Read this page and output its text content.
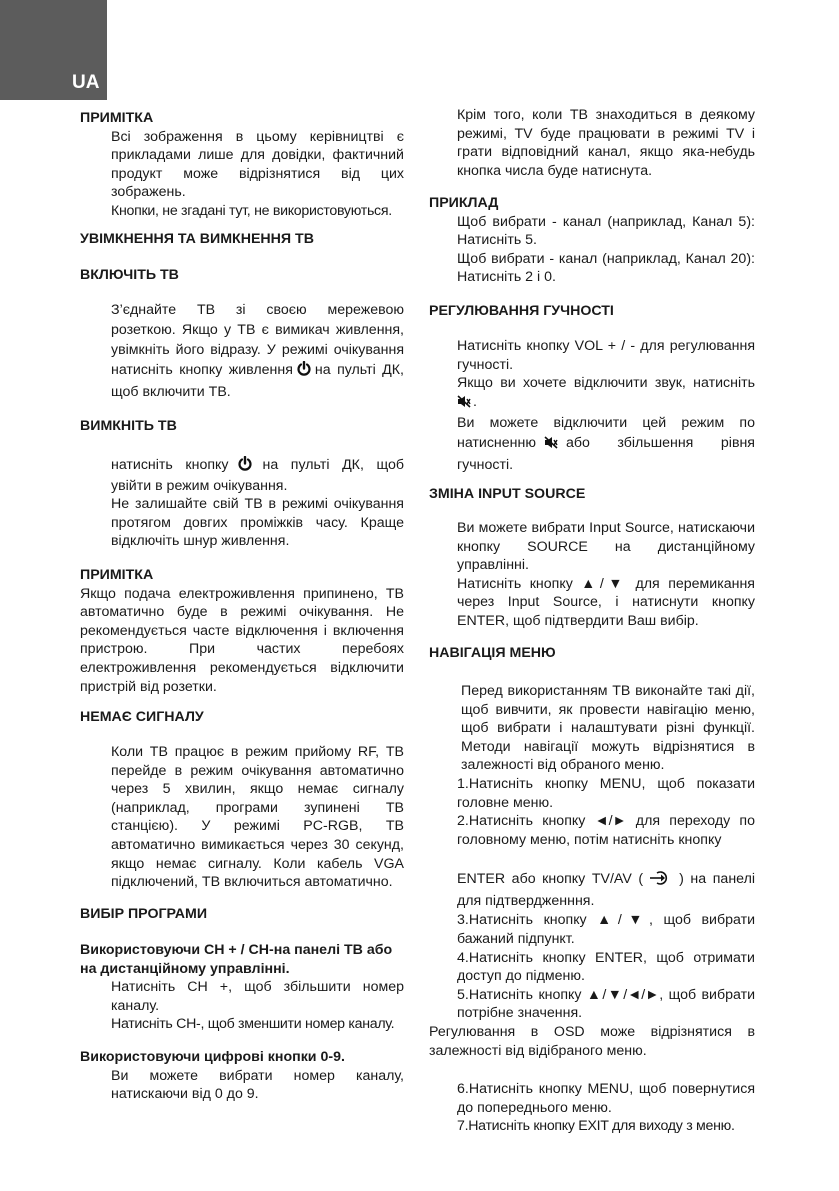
UA
ПРИМІТКА

Всі зображення в цьому керівництві є прикладами лише для довідки, фактичний продукт може відрізнятися від цих зображень.

Кнопки, не згадані тут, не використовуються.

УВІМКНЕННЯ ТА ВИМКНЕННЯ ТВ
ВКЛЮЧІТЬ ТВ

З’єднайте ТВ зі своєю мережевою розеткою. Якщо у ТВ є вимикач живлення, увімкніть його відразу. У режимі очікування натисніть кнопку живлення на пульті ДК, щоб включити ТВ.

ВИМКНІТЬ ТВ

натисніть кнопку на пульті ДК, щоб увійти в режим очікування.

Не залишайте свій ТВ в режимі очікування протягом довгих проміжків часу. Краще відключіть шнур живлення.

ПРИМІТКА

Якщо подача електроживлення припинено, ТВ автоматично буде в режимі очікування. Не рекомендується часте відключення і включення пристрою. При частих перебоях електроживлення рекомендується відключити пристрій від розетки.

НЕМАЄ СИГНАЛУ

Коли ТВ працює в режим прийому RF, ТВ перейде в режим очікування автоматично через 5 хвилин, якщо немає сигналу (наприклад, програми зупинені ТВ станцією). У режимі PC-RGB, ТВ автоматично вимикається через 30 секунд, якщо немає сигналу. Коли кабель VGA підключений, ТВ включиться автоматично.

ВИБІР ПРОГРАМИ
Використовуючи CH + / CH-на панелі ТВ або на дистанційному управлінні.

Натисніть CH +, щоб збільшити номер каналу.

Натисніть CH-, щоб зменшити номер каналу.

Використовуючи цифрові кнопки 0-9.

Ви можете вибрати номер каналу, натискаючи від 0 до 9.

Крім того, коли ТВ знаходиться в деякому режимі, TV буде працювати в режимі TV і грати відповідний канал, якщо яка-небудь кнопка числа буде натиснута.

ПРИКЛАД

Щоб вибрати - канал (наприклад, Канал 5): Натисніть 5.

Щоб вибрати - канал (наприклад, Канал 20): Натисніть 2 і 0.

РЕГУЛЮВАННЯ ГУЧНОСТІ

Натисніть кнопку VOL + / - для регулювання гучності.

Якщо ви хочете відключити звук, натисніть

.

Ви можете відключити цей режим по натисненню або збільшення рівня гучності.

ЗМІНА INPUT SOURCE

Ви можете вибрати Input Source, натискаючи кнопку SOURCE на дистанційному управлінні.

Натисніть кнопку ▲/▼ для перемикання через Input Source, і натиснути кнопку ENTER, щоб підтвердити Ваш вибір.

НАВІГАЦІЯ МЕНЮ

Перед використанням ТВ виконайте такі дії, щоб вивчити, як провести навігацію меню, щоб вибрати і налаштувати різні функції. Методи навігації можуть відрізнятися в залежності від обраного меню.

1.Натисніть кнопку MENU, щоб показати головне меню.

2.Натисніть кнопку ◄/► для переходу по головному меню, потім натисніть кнопку

ENTER або кнопку TV/AV (	) на панелі для підтвердженння.

3.Натисніть кнопку ▲/▼, щоб вибрати бажаний підпункт.

4.Натисніть кнопку ENTER, щоб отримати доступ до підменю.

5.Натисніть кнопку ▲/▼/◄/►, щоб вибрати потрібне значення.

Регулювання в OSD може відрізнятися в залежності від відібраного меню.

6.Натисніть кнопку MENU, щоб повернутися до попереднього меню.

7.Натисніть кнопку EXIT для виходу з меню.
